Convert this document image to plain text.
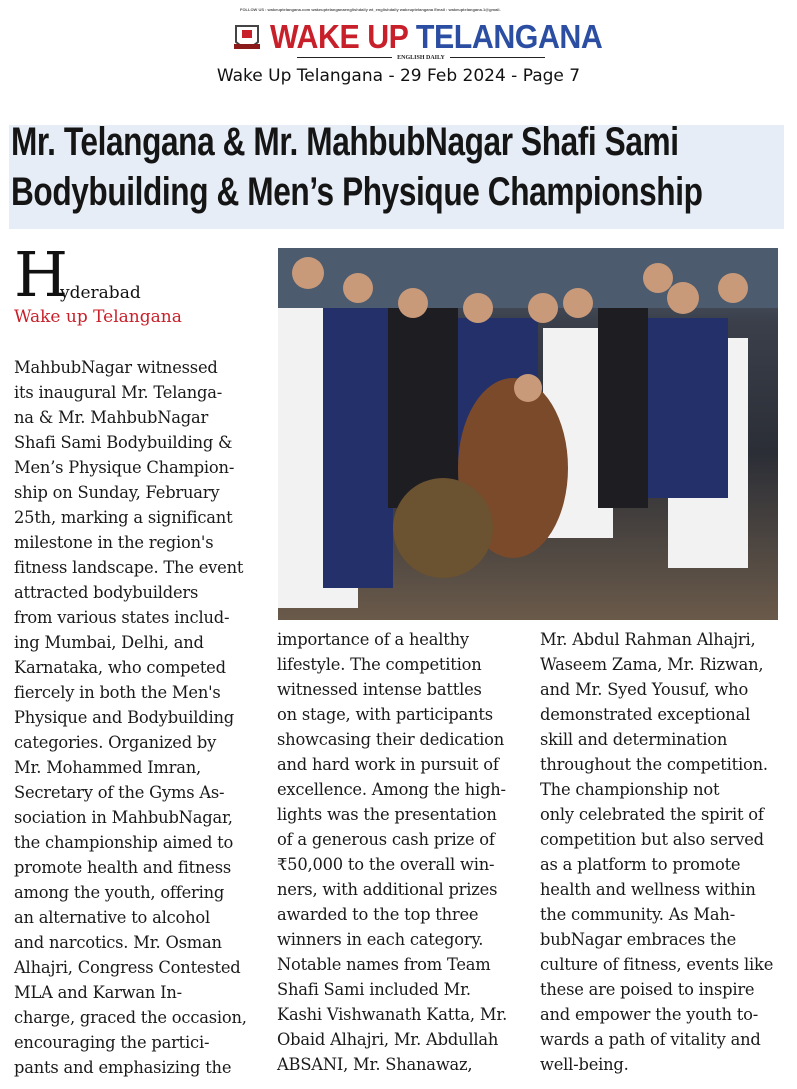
FOLLOW US : wakeuptelangana.com wakeuptelanganaenglishdaily wt_englishdaily wakeuptelangana Email : wakeuptelangana.1@gmail.
WAKE UP TELANGANA
ENGLISH DAILY
Wake Up Telangana - 29 Feb 2024 - Page 7
Mr. Telangana & Mr. MahbubNagar Shafi Sami
Bodybuilding & Men’s Physique Championship
H
yderabad
Wake up Telangana
MahbubNagar witnessed
its inaugural Mr. Telanga-
na & Mr. MahbubNagar
Shafi Sami Bodybuilding &
Men’s Physique Champion-
ship on Sunday, February
25th, marking a significant
milestone in the region's
fitness landscape. The event
attracted bodybuilders
from various states includ-
ing Mumbai, Delhi, and
Karnataka, who competed
fiercely in both the Men's
Physique and Bodybuilding
categories. Organized by
Mr. Mohammed Imran,
Secretary of the Gyms As-
sociation in MahbubNagar,
the championship aimed to
promote health and fitness
among the youth, offering
an alternative to alcohol
and narcotics. Mr. Osman
Alhajri, Congress Contested
MLA and Karwan In-
charge, graced the occasion,
encouraging the partici-
pants and emphasizing the
importance of a healthy
lifestyle. The competition
witnessed intense battles
on stage, with participants
showcasing their dedication
and hard work in pursuit of
excellence. Among the high-
lights was the presentation
of a generous cash prize of
₹50,000 to the overall win-
ners, with additional prizes
awarded to the top three
winners in each category.
Notable names from Team
Shafi Sami included Mr.
Kashi Vishwanath Katta, Mr.
Obaid Alhajri, Mr. Abdullah
ABSANI, Mr. Shanawaz,
Mr. Abdul Rahman Alhajri,
Waseem Zama, Mr. Rizwan,
and Mr. Syed Yousuf, who
demonstrated exceptional
skill and determination
throughout the competition.
The championship not
only celebrated the spirit of
competition but also served
as a platform to promote
health and wellness within
the community. As Mah-
bubNagar embraces the
culture of fitness, events like
these are poised to inspire
and empower the youth to-
wards a path of vitality and
well-being.
